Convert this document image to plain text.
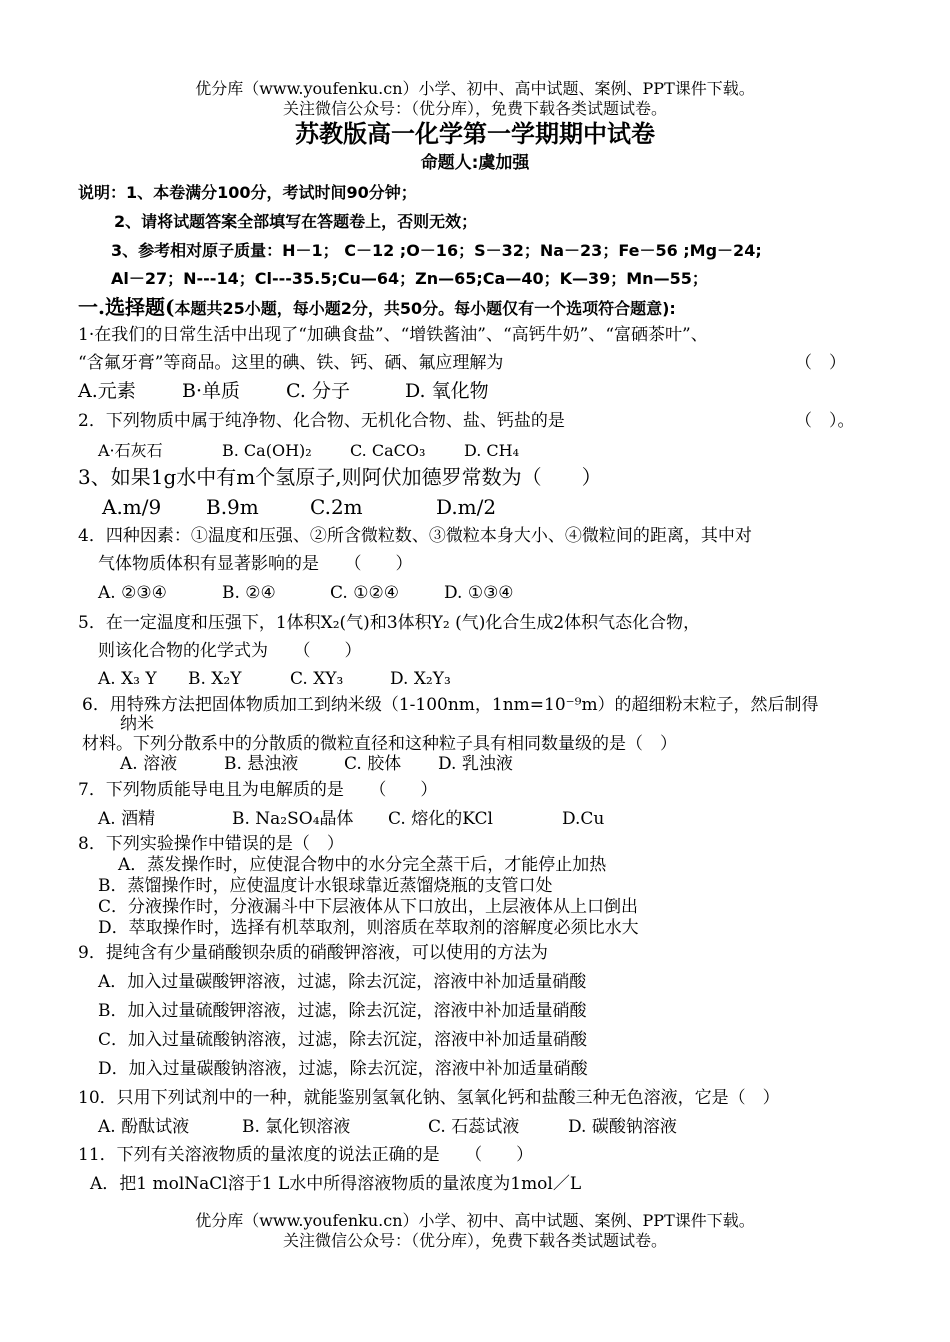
优分库（www.youfenku.cn）小学、初中、高中试题、案例、PPT课件下载。
关注微信公众号：（优分库），免费下载各类试题试卷。
苏教版高一化学第一学期期中试卷
命题人:虞加强
说明：1、本卷满分100分，考试时间90分钟；
2、请将试题答案全部填写在答题卷上，否则无效；
3、参考相对原子质量：H－1； C－12 ;O－16；S－32；Na－23；Fe－56 ;Mg－24;
Al－27；N---14；Cl---35.5;Cu—64；Zn—65;Ca—40；K—39；Mn—55；
一.选择题(本题共25小题，每小题2分，共50分。每小题仅有一个选项符合题意):
1·在我们的日常生活中出现了“加碘食盐”、“增铁酱油”、“高钙牛奶”、“富硒茶叶”、
“含氟牙膏”等商品。这里的碘、铁、钙、硒、氟应理解为	（　）
A.元素 B·单质 C. 分子	D. 氧化物
2．下列物质中属于纯净物、化合物、无机化合物、盐、钙盐的是	（　）。
A·石灰石	B. Ca(OH)₂ C. CaCO₃ D. CH₄
3、如果1g水中有m个氢原子,则阿伏加德罗常数为（　　）
A.m/9 B.9m	C.2m	D.m/2
4．四种因素：①温度和压强、②所含微粒数、③微粒本身大小、④微粒间的距离，其中对
气体物质体积有显著影响的是　　（　　）
A. ②③④	B. ②④	C. ①②④	D. ①③④
5．在一定温度和压强下，1体积X₂(气)和3体积Y₂ (气)化合生成2体积气态化合物，
则该化合物的化学式为　　（　　）
A. X₃ Y B. X₂Y	C. XY₃	D. X₂Y₃
6．用特殊方法把固体物质加工到纳米级（1-100nm，1nm=10⁻⁹m）的超细粉末粒子，然后制得
纳米
材料。下列分散系中的分散质的微粒直径和这种粒子具有相同数量级的是（　）
A. 溶液	B. 悬浊液	C. 胶体 D. 乳浊液
7．下列物质能导电且为电解质的是　　（　　）
A. 酒精	B. Na₂SO₄晶体 C. 熔化的KCl	D.Cu
8．下列实验操作中错误的是（　）
A．蒸发操作时，应使混合物中的水分完全蒸干后，才能停止加热
B．蒸馏操作时，应使温度计水银球靠近蒸馏烧瓶的支管口处
C．分液操作时，分液漏斗中下层液体从下口放出，上层液体从上口倒出
D．萃取操作时，选择有机萃取剂，则溶质在萃取剂的溶解度必须比水大
9．提纯含有少量硝酸钡杂质的硝酸钾溶液，可以使用的方法为
A．加入过量碳酸钾溶液，过滤，除去沉淀，溶液中补加适量硝酸
B．加入过量硫酸钾溶液，过滤，除去沉淀，溶液中补加适量硝酸
C．加入过量硫酸钠溶液，过滤，除去沉淀，溶液中补加适量硝酸
D．加入过量碳酸钠溶液，过滤，除去沉淀，溶液中补加适量硝酸
10．只用下列试剂中的一种，就能鉴别氢氧化钠、氢氧化钙和盐酸三种无色溶液，它是（　）
A. 酚酞试液	B. 氯化钡溶液	C. 石蕊试液	D. 碳酸钠溶液
11．下列有关溶液物质的量浓度的说法正确的是　　（　　）
A．把1 molNaCl溶于1 L水中所得溶液物质的量浓度为1mol／L
优分库（www.youfenku.cn）小学、初中、高中试题、案例、PPT课件下载。
关注微信公众号：（优分库），免费下载各类试题试卷。
